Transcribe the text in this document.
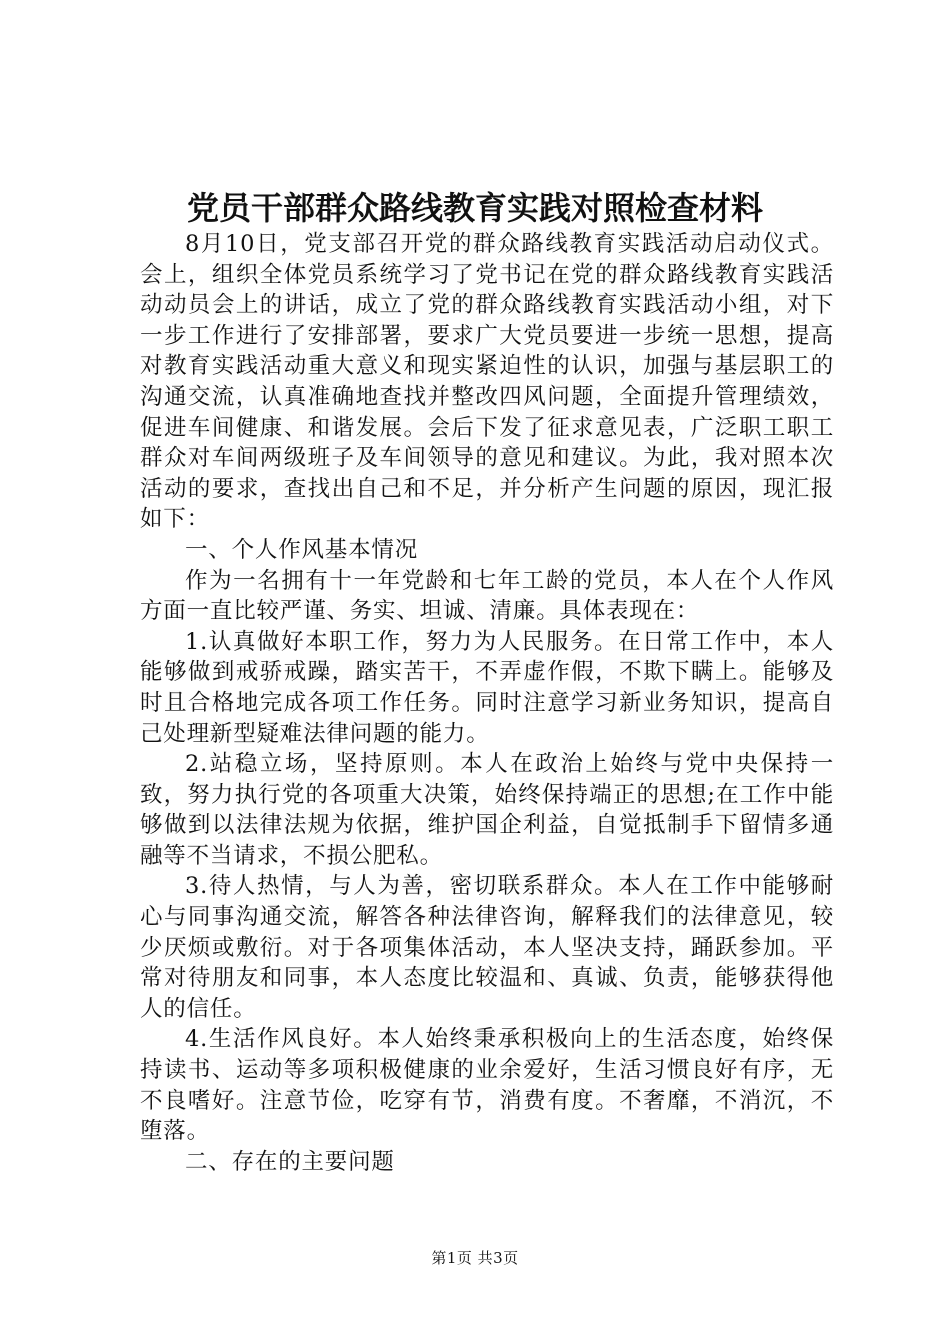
党员干部群众路线教育实践对照检查材料

8月10日，党支部召开党的群众路线教育实践活动启动仪式。会上，组织全体党员系统学习了党书记在党的群众路线教育实践活动动员会上的讲话，成立了党的群众路线教育实践活动小组，对下一步工作进行了安排部署，要求广大党员要进一步统一思想，提高对教育实践活动重大意义和现实紧迫性的认识，加强与基层职工的沟通交流，认真准确地查找并整改四风问题，全面提升管理绩效，促进车间健康、和谐发展。会后下发了征求意见表，广泛职工职工群众对车间两级班子及车间领导的意见和建议。为此，我对照本次活动的要求，查找出自己和不足，并分析产生问题的原因，现汇报如下：

一、个人作风基本情况

作为一名拥有十一年党龄和七年工龄的党员，本人在个人作风方面一直比较严谨、务实、坦诚、清廉。具体表现在：

1.认真做好本职工作，努力为人民服务。在日常工作中，本人能够做到戒骄戒躁，踏实苦干，不弄虚作假，不欺下瞒上。能够及时且合格地完成各项工作任务。同时注意学习新业务知识，提高自己处理新型疑难法律问题的能力。

2.站稳立场，坚持原则。本人在政治上始终与党中央保持一致，努力执行党的各项重大决策，始终保持端正的思想;在工作中能够做到以法律法规为依据，维护国企利益，自觉抵制手下留情多通融等不当请求，不损公肥私。

3.待人热情，与人为善，密切联系群众。本人在工作中能够耐心与同事沟通交流，解答各种法律咨询，解释我们的法律意见，较少厌烦或敷衍。对于各项集体活动，本人坚决支持，踊跃参加。平常对待朋友和同事，本人态度比较温和、真诚、负责，能够获得他人的信任。

4.生活作风良好。本人始终秉承积极向上的生活态度，始终保持读书、运动等多项积极健康的业余爱好，生活习惯良好有序，无不良嗜好。注意节俭，吃穿有节，消费有度。不奢靡，不消沉，不堕落。

二、存在的主要问题

第1页 共3页
